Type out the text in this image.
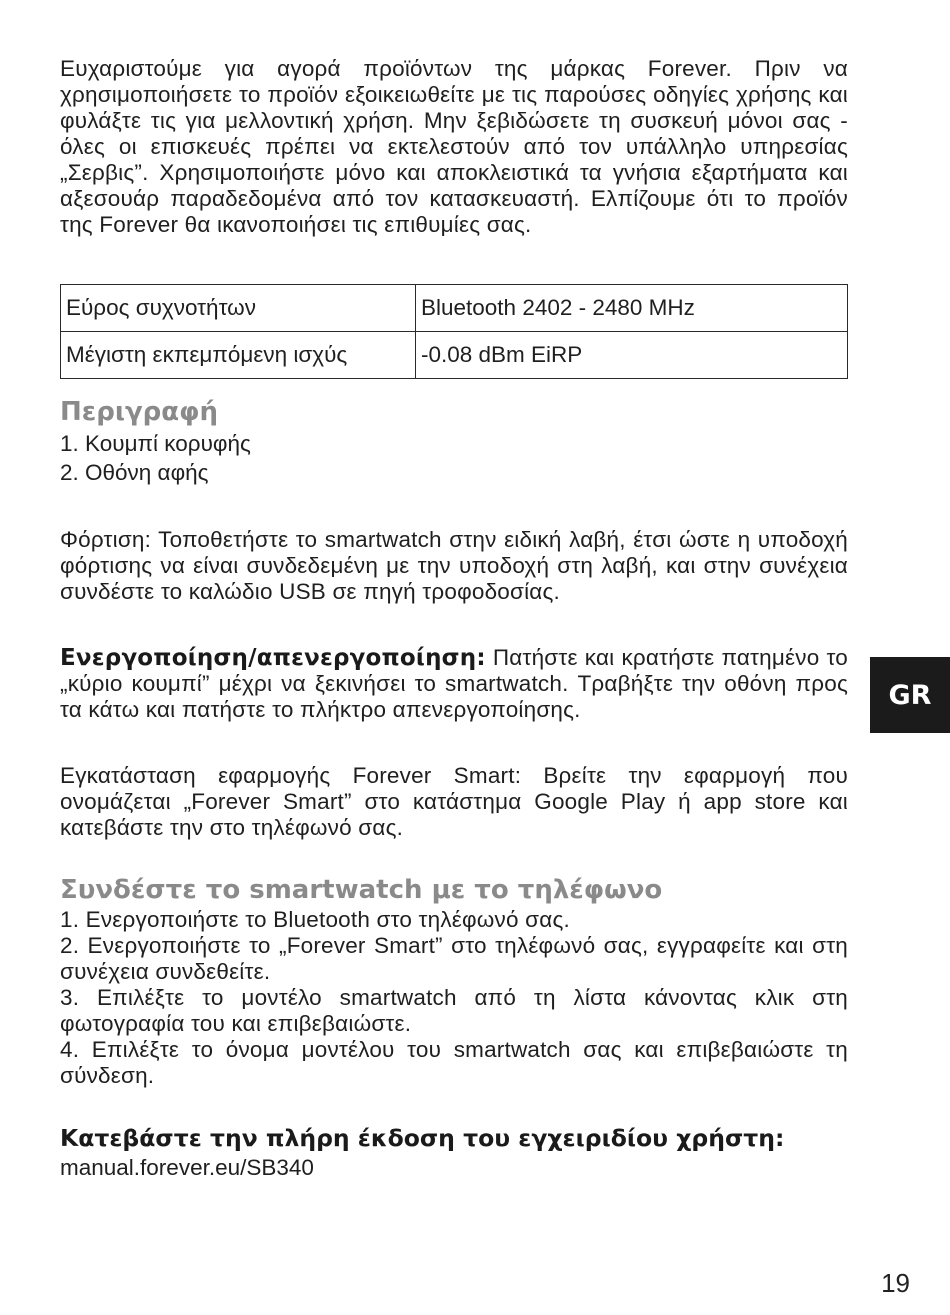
Ευχαριστούμε για αγορά προϊόντων της μάρκας Forever. Πριν να χρησιμοποιήσετε το προϊόν εξοικειωθείτε με τις παρούσες οδηγίες χρήσης και φυλάξτε τις για μελλοντική χρήση. Μην ξεβιδώσετε τη συσκευή μόνοι σας - όλες οι επισκευές πρέπει να εκτελεστούν από τον υπάλληλο υπηρεσίας „Σερβις”. Χρησιμοποιήστε μόνο και αποκλειστικά τα γνήσια εξαρτήματα και αξεσουάρ παραδεδομένα από τον κατασκευαστή. Ελπίζουμε ότι το προϊόν της Forever θα ικανοποιήσει τις επιθυμίες σας.

Εύρος συχνοτήτων	Bluetooth 2402 - 2480 MHz
Μέγιστη εκπεμπόμενη ισχύς	-0.08 dBm EiRP
Περιγραφή

1. Κουμπί κορυφής

2. Οθόνη αφής

Φόρτιση: Τοποθετήστε το smartwatch στην ειδική λαβή, έτσι ώστε η υποδοχή φόρτισης να είναι συνδεδεμένη με την υποδοχή στη λαβή, και στην συνέχεια συνδέστε το καλώδιο USB σε πηγή τροφοδοσίας.

Ενεργοποίηση/απενεργοποίηση: Πατήστε και κρατήστε πατημένο το „κύριο κουμπί” μέχρι να ξεκινήσει το smartwatch. Τραβήξτε την οθόνη προς τα κάτω και πατήστε το πλήκτρο απενεργοποίησης.

Εγκατάσταση εφαρμογής Forever Smart: Βρείτε την εφαρμογή που ονομάζεται „Forever Smart” στο κατάστημα Google Play ή app store και κατεβάστε την στο τηλέφωνό σας.

Συνδέστε το smartwatch με το τηλέφωνο

1. Ενεργοποιήστε το Bluetooth στο τηλέφωνό σας.

2. Ενεργοποιήστε το „Forever Smart” στο τηλέφωνό σας, εγγραφείτε και στη συνέχεια συνδεθείτε.

3. Επιλέξτε το μοντέλο smartwatch από τη λίστα κάνοντας κλικ στη φωτογραφία του και επιβεβαιώστε.

4. Επιλέξτε το όνομα μοντέλου του smartwatch σας και επιβεβαιώστε τη σύνδεση.

Κατεβάστε την πλήρη έκδοση του εγχειριδίου χρήστη:

manual.forever.eu/SB340

GR
19
